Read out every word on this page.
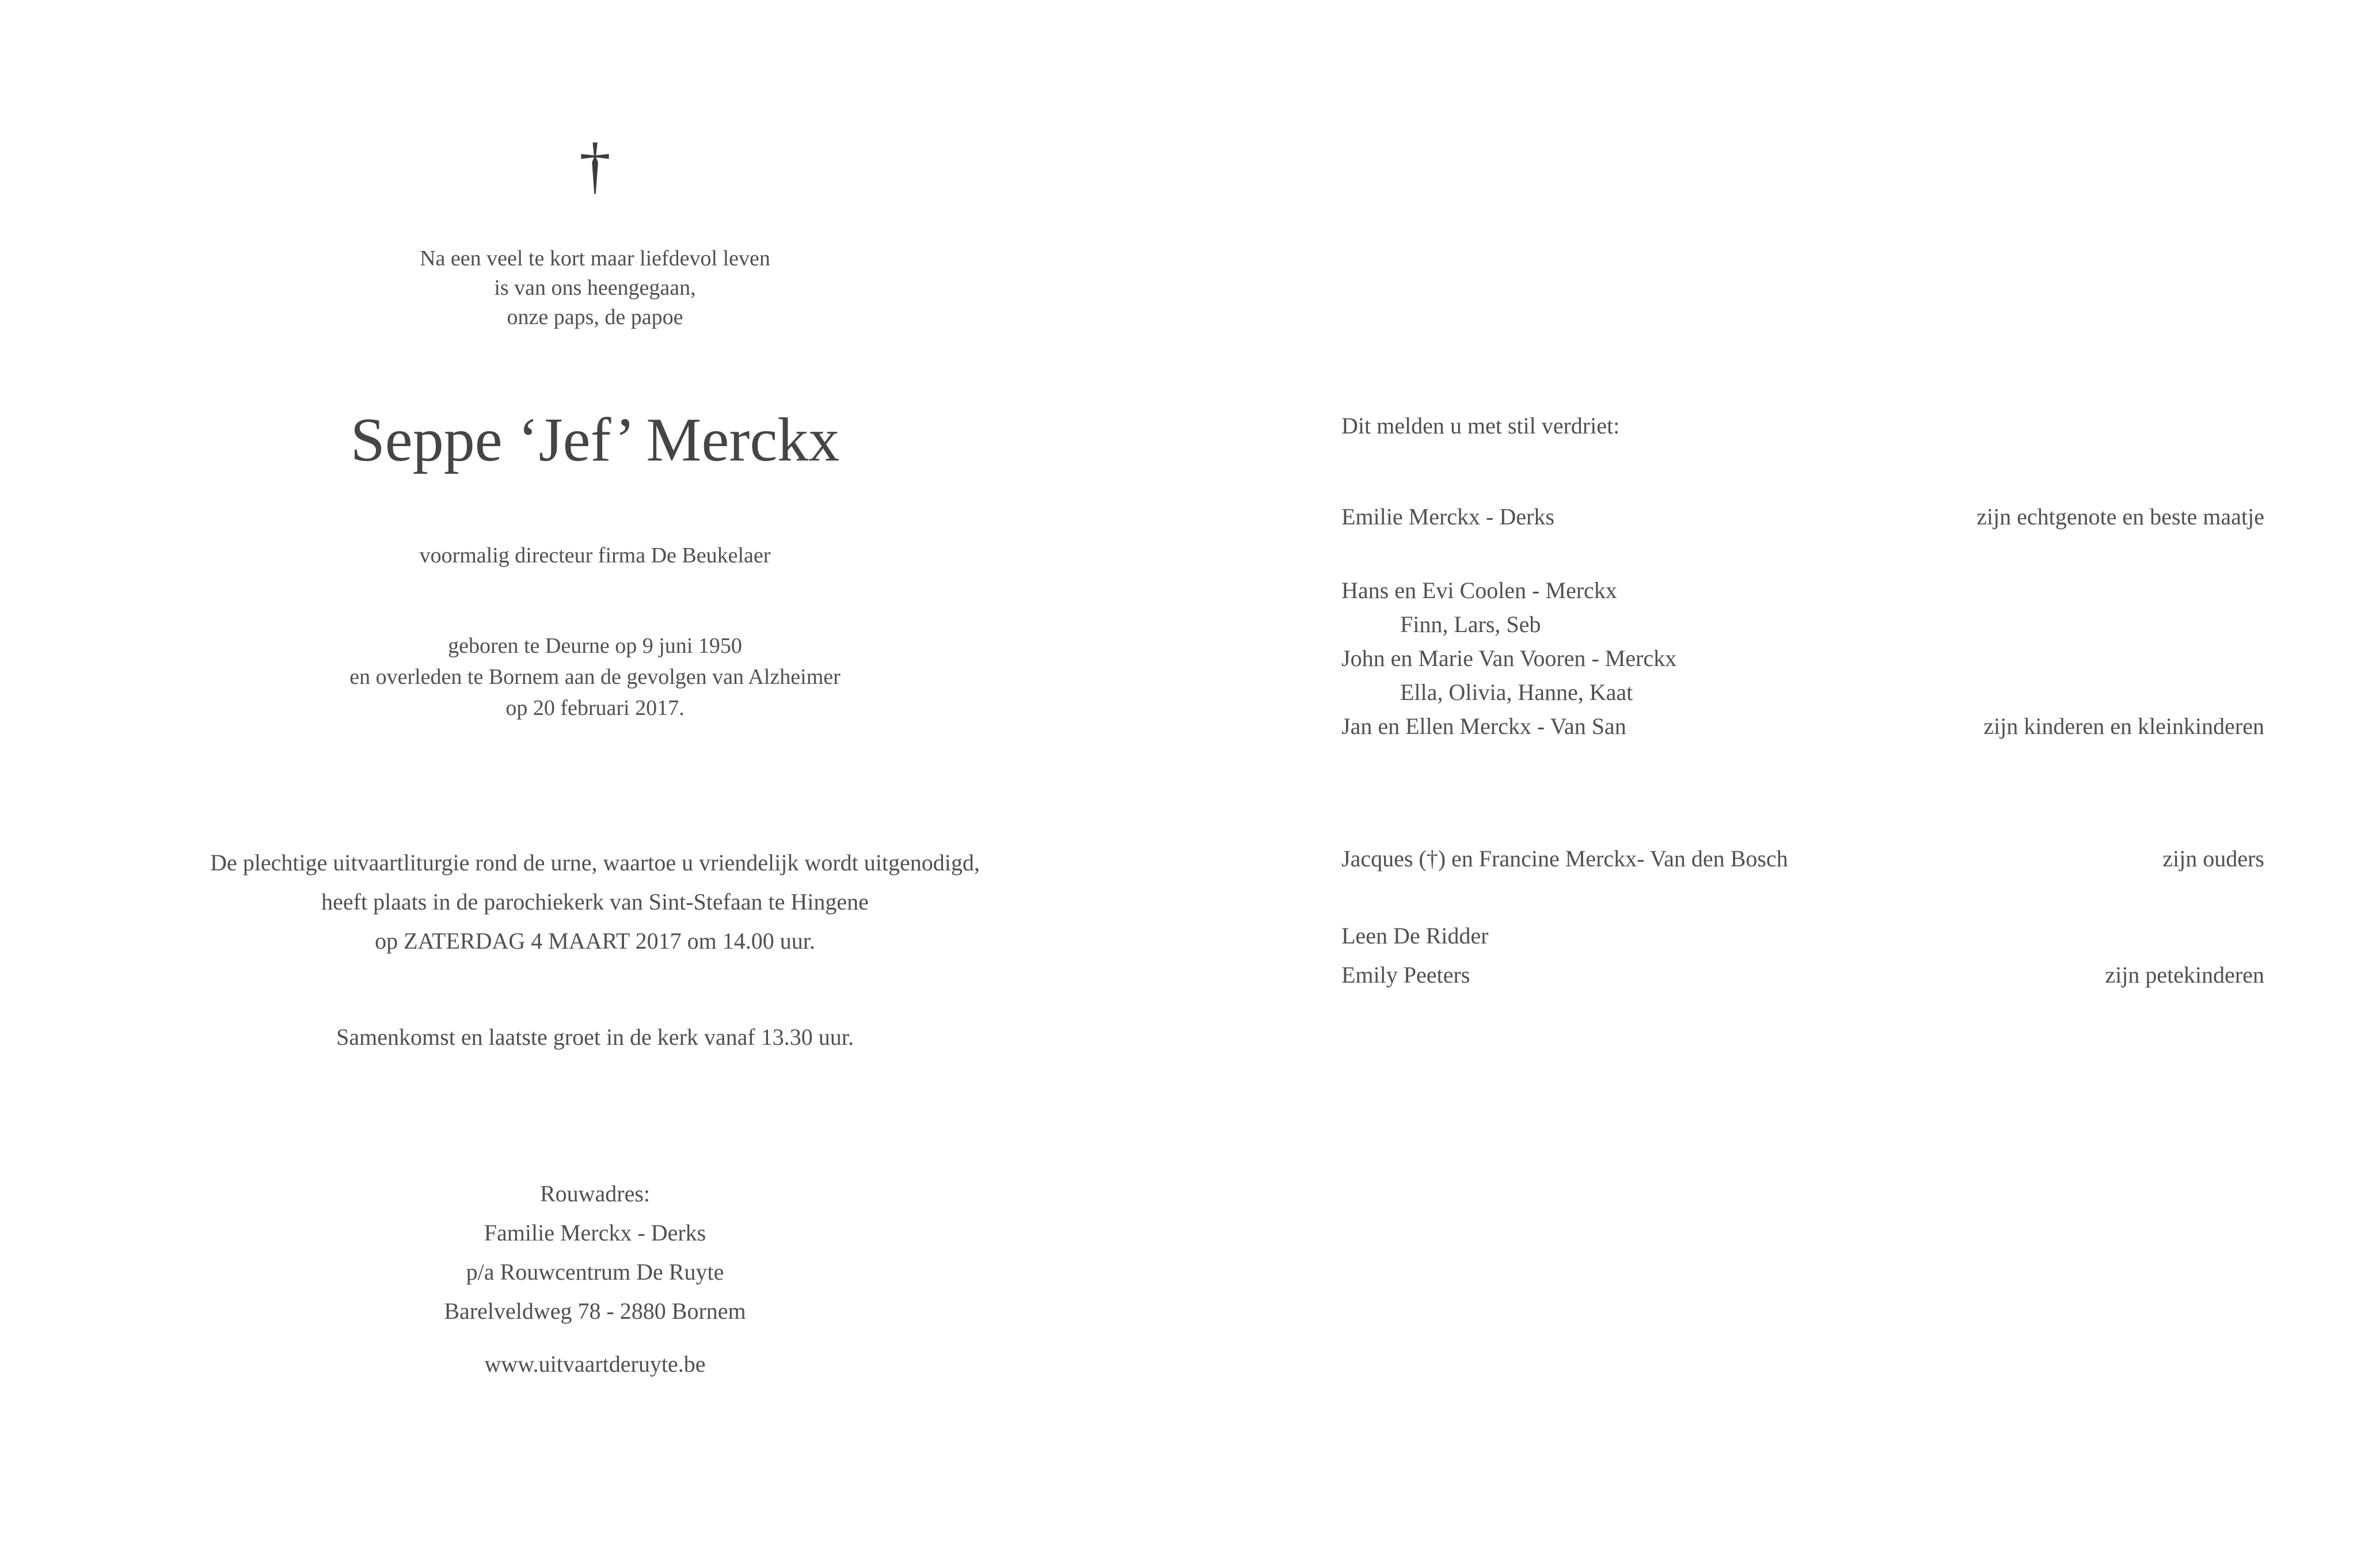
†
Na een veel te kort maar liefdevol leven
is van ons heengegaan,
onze paps, de papoe
Seppe ‘Jef’ Merckx
voormalig directeur firma De Beukelaer
geboren te Deurne op 9 juni 1950
en overleden te Bornem aan de gevolgen van Alzheimer
op 20 februari 2017.
De plechtige uitvaartliturgie rond de urne, waartoe u vriendelijk wordt uitgenodigd,
heeft plaats in de parochiekerk van Sint-Stefaan te Hingene
op ZATERDAG 4 MAART 2017 om 14.00 uur.
Samenkomst en laatste groet in de kerk vanaf 13.30 uur.
Rouwadres:
Familie Merckx - Derks
p/a Rouwcentrum De Ruyte
Barelveldweg 78 - 2880 Bornem
www.uitvaartderuyte.be
Dit melden u met stil verdriet:
Emilie Merckx - Derks	zijn echtgenote en beste maatje
Hans en Evi Coolen - Merckx
Finn, Lars, Seb
John en Marie Van Vooren - Merckx
Ella, Olivia, Hanne, Kaat
Jan en Ellen Merckx - Van San	zijn kinderen en kleinkinderen
Jacques (†) en Francine Merckx- Van den Bosch	zijn ouders
Leen De Ridder
Emily Peeters	zijn petekinderen
